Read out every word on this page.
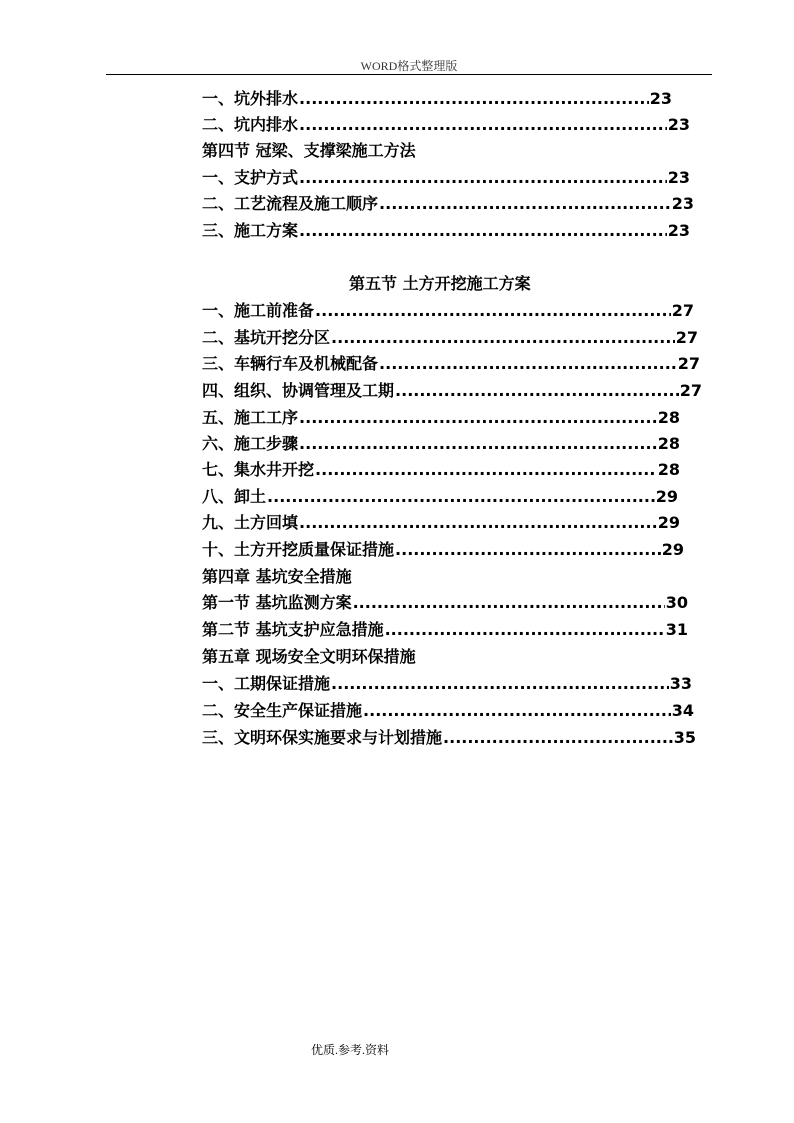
WORD格式整理版
一、 坑外排水 .....	23
二、 坑内排水 .....	23
第四节 冠梁、支撑梁施工方法
一、 支护方式 .....	23
二、 工艺流程及施工顺序 .....	23
三、 施工方案 .....	23
第五节 土方开挖施工方案
一、 施工前准备 .....	27
二、 基坑开挖分区 .....	27
三、 车辆行车及机械配备 .....	27
四、 组织、协调管理及工期 .....	27
五、 施工工序 .....	28
六、 施工步骤 .....	28
七、 集水井开挖 .....	28
八、 卸土 .....	29
九、 土方回填 .....	29
十、 土方开挖质量保证措施 .....	29
第四章 基坑安全措施
第一节 基坑监测方案 .....	30
第二节 基坑支护应急措施 .....	31
第五章 现场安全文明环保措施
一、 工期保证措施 .....	33
二、 安全生产保证措施 .....	34
三、 文明环保实施要求与计划措施 .....	35
优质.参考.资料
